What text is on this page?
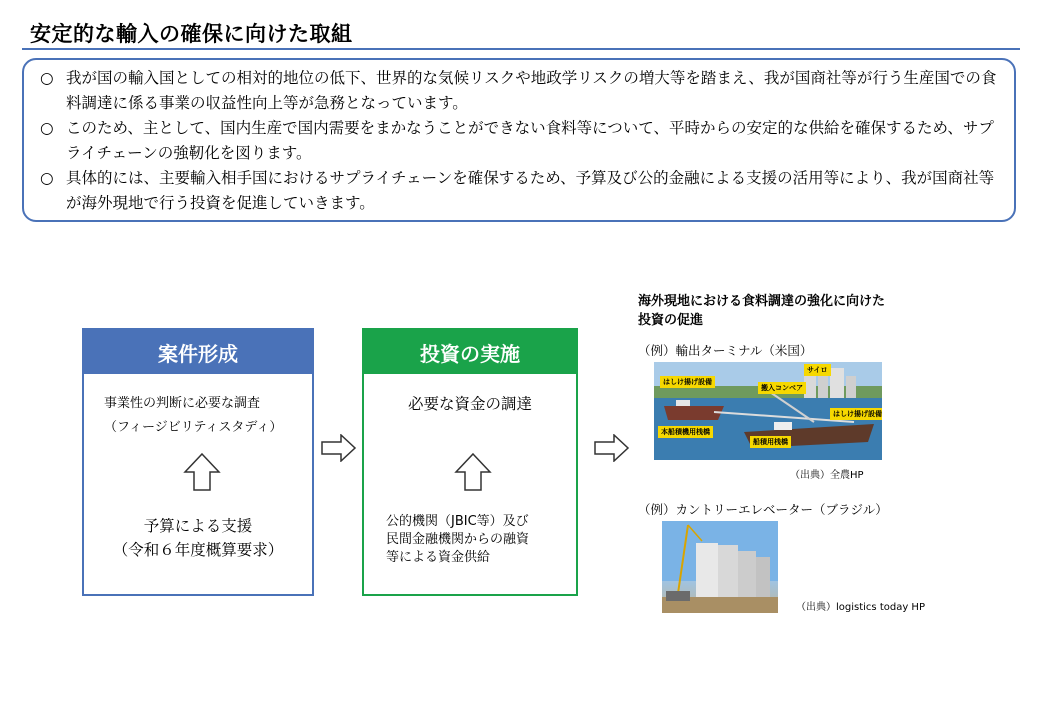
安定的な輸入の確保に向けた取組
○ 我が国の輸入国としての相対的地位の低下、世界的な気候リスクや地政学リスクの増大等を踏まえ、我が国商社等が行う生産国での食料調達に係る事業の収益性向上等が急務となっています。
○ このため、主として、国内生産で国内需要をまかなうことができない食料等について、平時からの安定的な供給を確保するため、サプライチェーンの強靭化を図ります。
○ 具体的には、主要輸入相手国におけるサプライチェーンを確保するため、予算及び公的金融による支援の活用等により、我が国商社等が海外現地で行う投資を促進していきます。
案件形成
事業性の判断に必要な調査
（フィージビリティスタディ）
予算による支援
（令和６年度概算要求）
投資の実施
必要な資金の調達
公的機関（JBIC等）及び
民間金融機関からの融資
等による資金供給
海外現地における食料調達の強化に向けた
投資の促進
（例）輸出ターミナル（米国）
はしけ揚げ設備
搬入コンベア
サイロ
はしけ揚げ設備
本船積機用桟橋
船積用桟橋
（出典）全農HP
（例）カントリーエレベーター（ブラジル）
（出典）logistics today HP
